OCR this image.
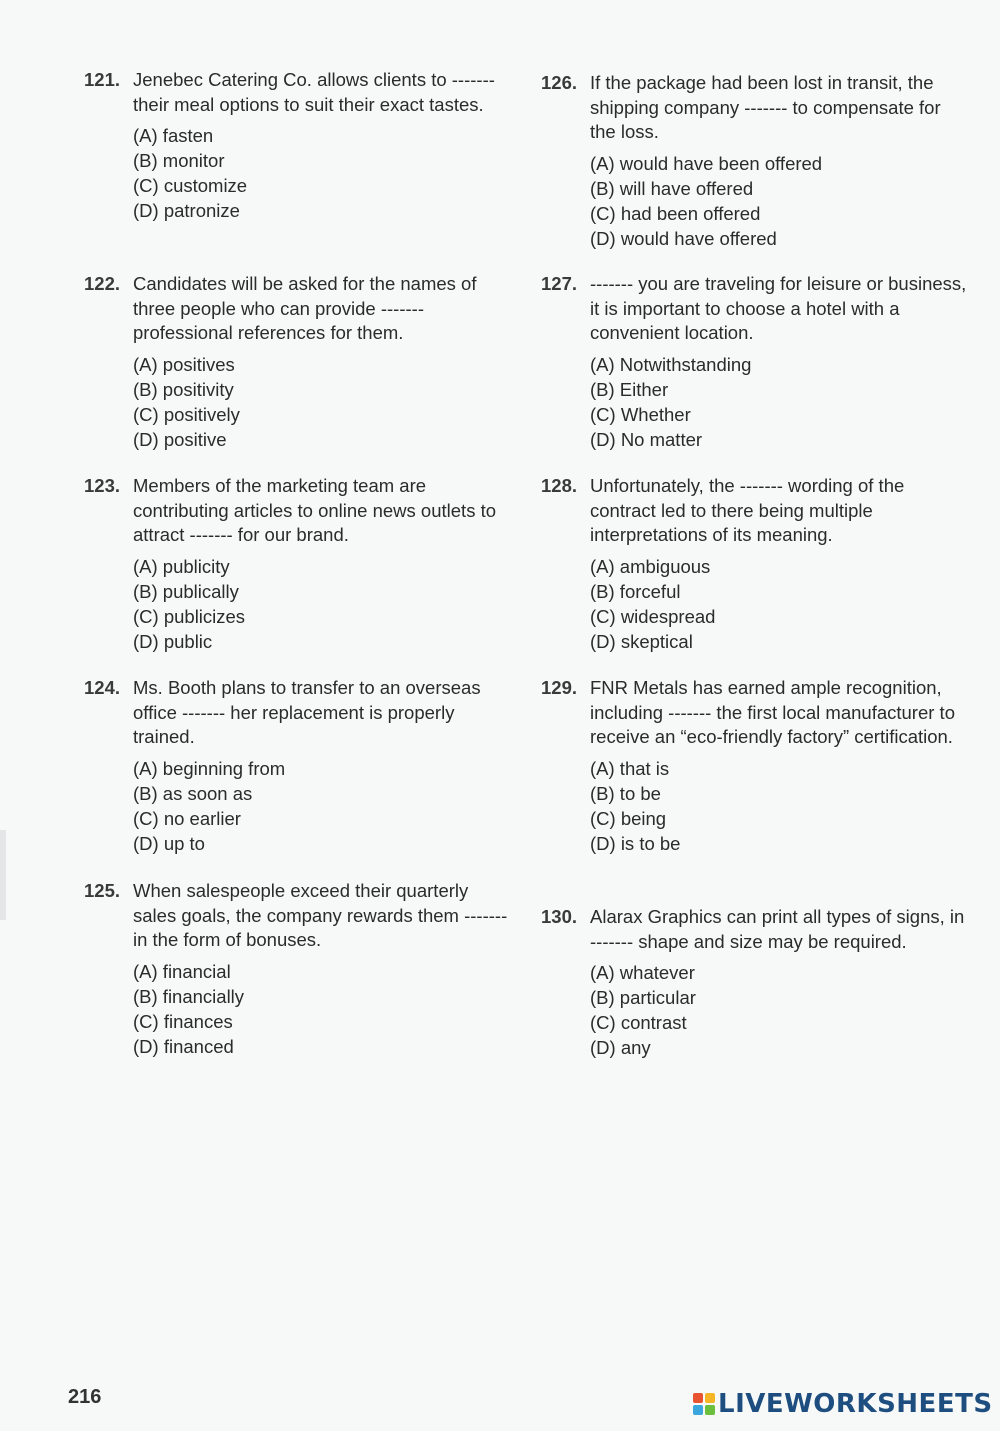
121. Jenebec Catering Co. allows clients to ------- their meal options to suit their exact tastes.
(A) fasten
(B) monitor
(C) customize
(D) patronize
122. Candidates will be asked for the names of three people who can provide ------- professional references for them.
(A) positives
(B) positivity
(C) positively
(D) positive
123. Members of the marketing team are contributing articles to online news outlets to attract ------- for our brand.
(A) publicity
(B) publically
(C) publicizes
(D) public
124. Ms. Booth plans to transfer to an overseas office ------- her replacement is properly trained.
(A) beginning from
(B) as soon as
(C) no earlier
(D) up to
125. When salespeople exceed their quarterly sales goals, the company rewards them ------- in the form of bonuses.
(A) financial
(B) financially
(C) finances
(D) financed
126. If the package had been lost in transit, the shipping company ------- to compensate for the loss.
(A) would have been offered
(B) will have offered
(C) had been offered
(D) would have offered
127. ------- you are traveling for leisure or business, it is important to choose a hotel with a convenient location.
(A) Notwithstanding
(B) Either
(C) Whether
(D) No matter
128. Unfortunately, the ------- wording of the contract led to there being multiple interpretations of its meaning.
(A) ambiguous
(B) forceful
(C) widespread
(D) skeptical
129. FNR Metals has earned ample recognition, including ------- the first local manufacturer to receive an “eco-friendly factory” certification.
(A) that is
(B) to be
(C) being
(D) is to be
130. Alarax Graphics can print all types of signs, in ------- shape and size may be required.
(A) whatever
(B) particular
(C) contrast
(D) any
216	LIVEWORKSHEETS
